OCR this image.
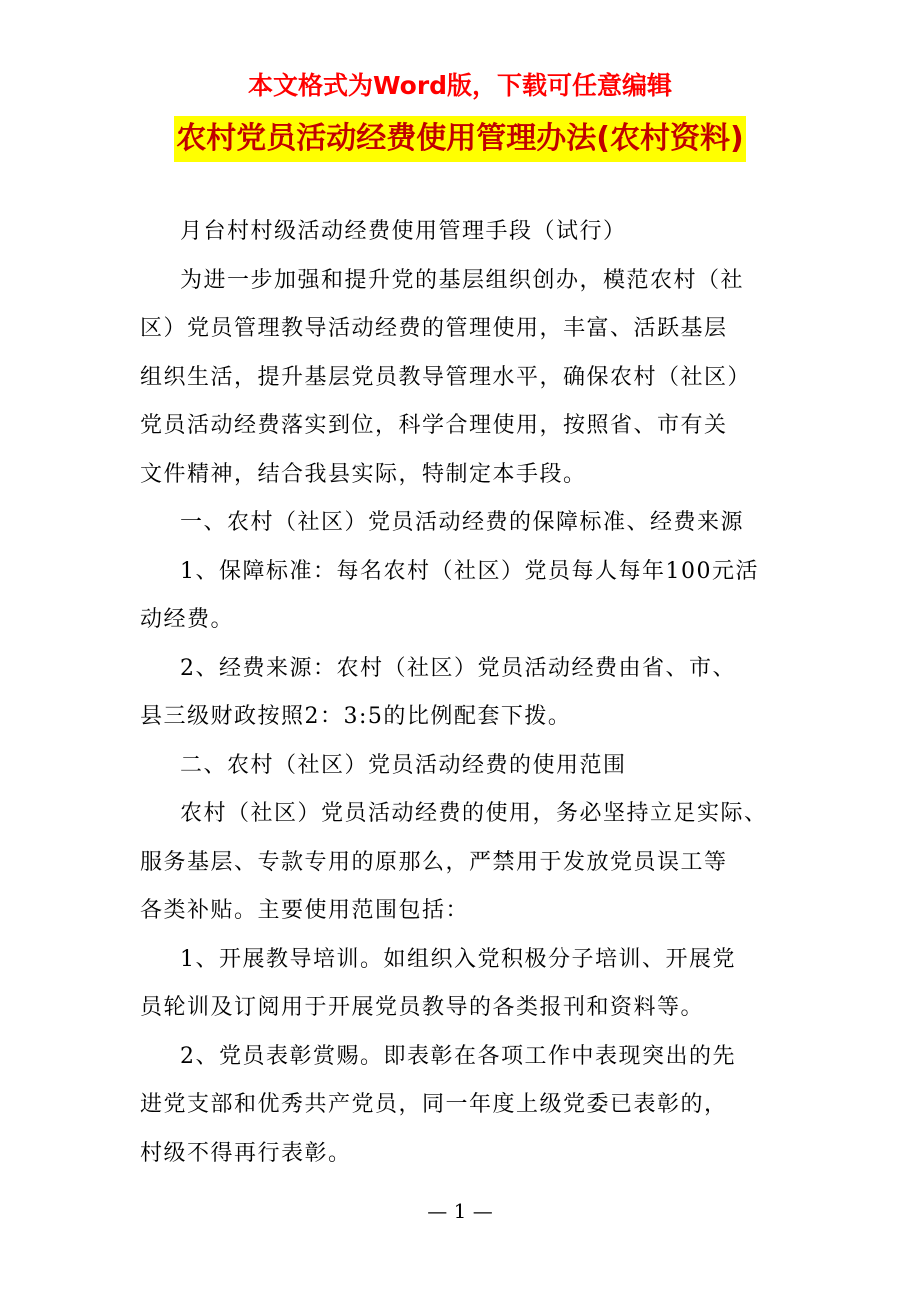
本文格式为Word版，下载可任意编辑
农村党员活动经费使用管理办法(农村资料)
月台村村级活动经费使用管理手段（试行）
为进一步加强和提升党的基层组织创办，模范农村（社
区）党员管理教导活动经费的管理使用，丰富、活跃基层
组织生活，提升基层党员教导管理水平，确保农村（社区）
党员活动经费落实到位，科学合理使用，按照省、市有关
文件精神，结合我县实际，特制定本手段。
一、农村（社区）党员活动经费的保障标准、经费来源
1、保障标准：每名农村（社区）党员每人每年100元活
动经费。
2、经费来源：农村（社区）党员活动经费由省、市、
县三级财政按照2：3:5的比例配套下拨。
二、农村（社区）党员活动经费的使用范围
农村（社区）党员活动经费的使用，务必坚持立足实际、
服务基层、专款专用的原那么，严禁用于发放党员误工等
各类补贴。主要使用范围包括：
1、开展教导培训。如组织入党积极分子培训、开展党
员轮训及订阅用于开展党员教导的各类报刊和资料等。
2、党员表彰赏赐。即表彰在各项工作中表现突出的先
进党支部和优秀共产党员，同一年度上级党委已表彰的，
村级不得再行表彰。
— 1 —
